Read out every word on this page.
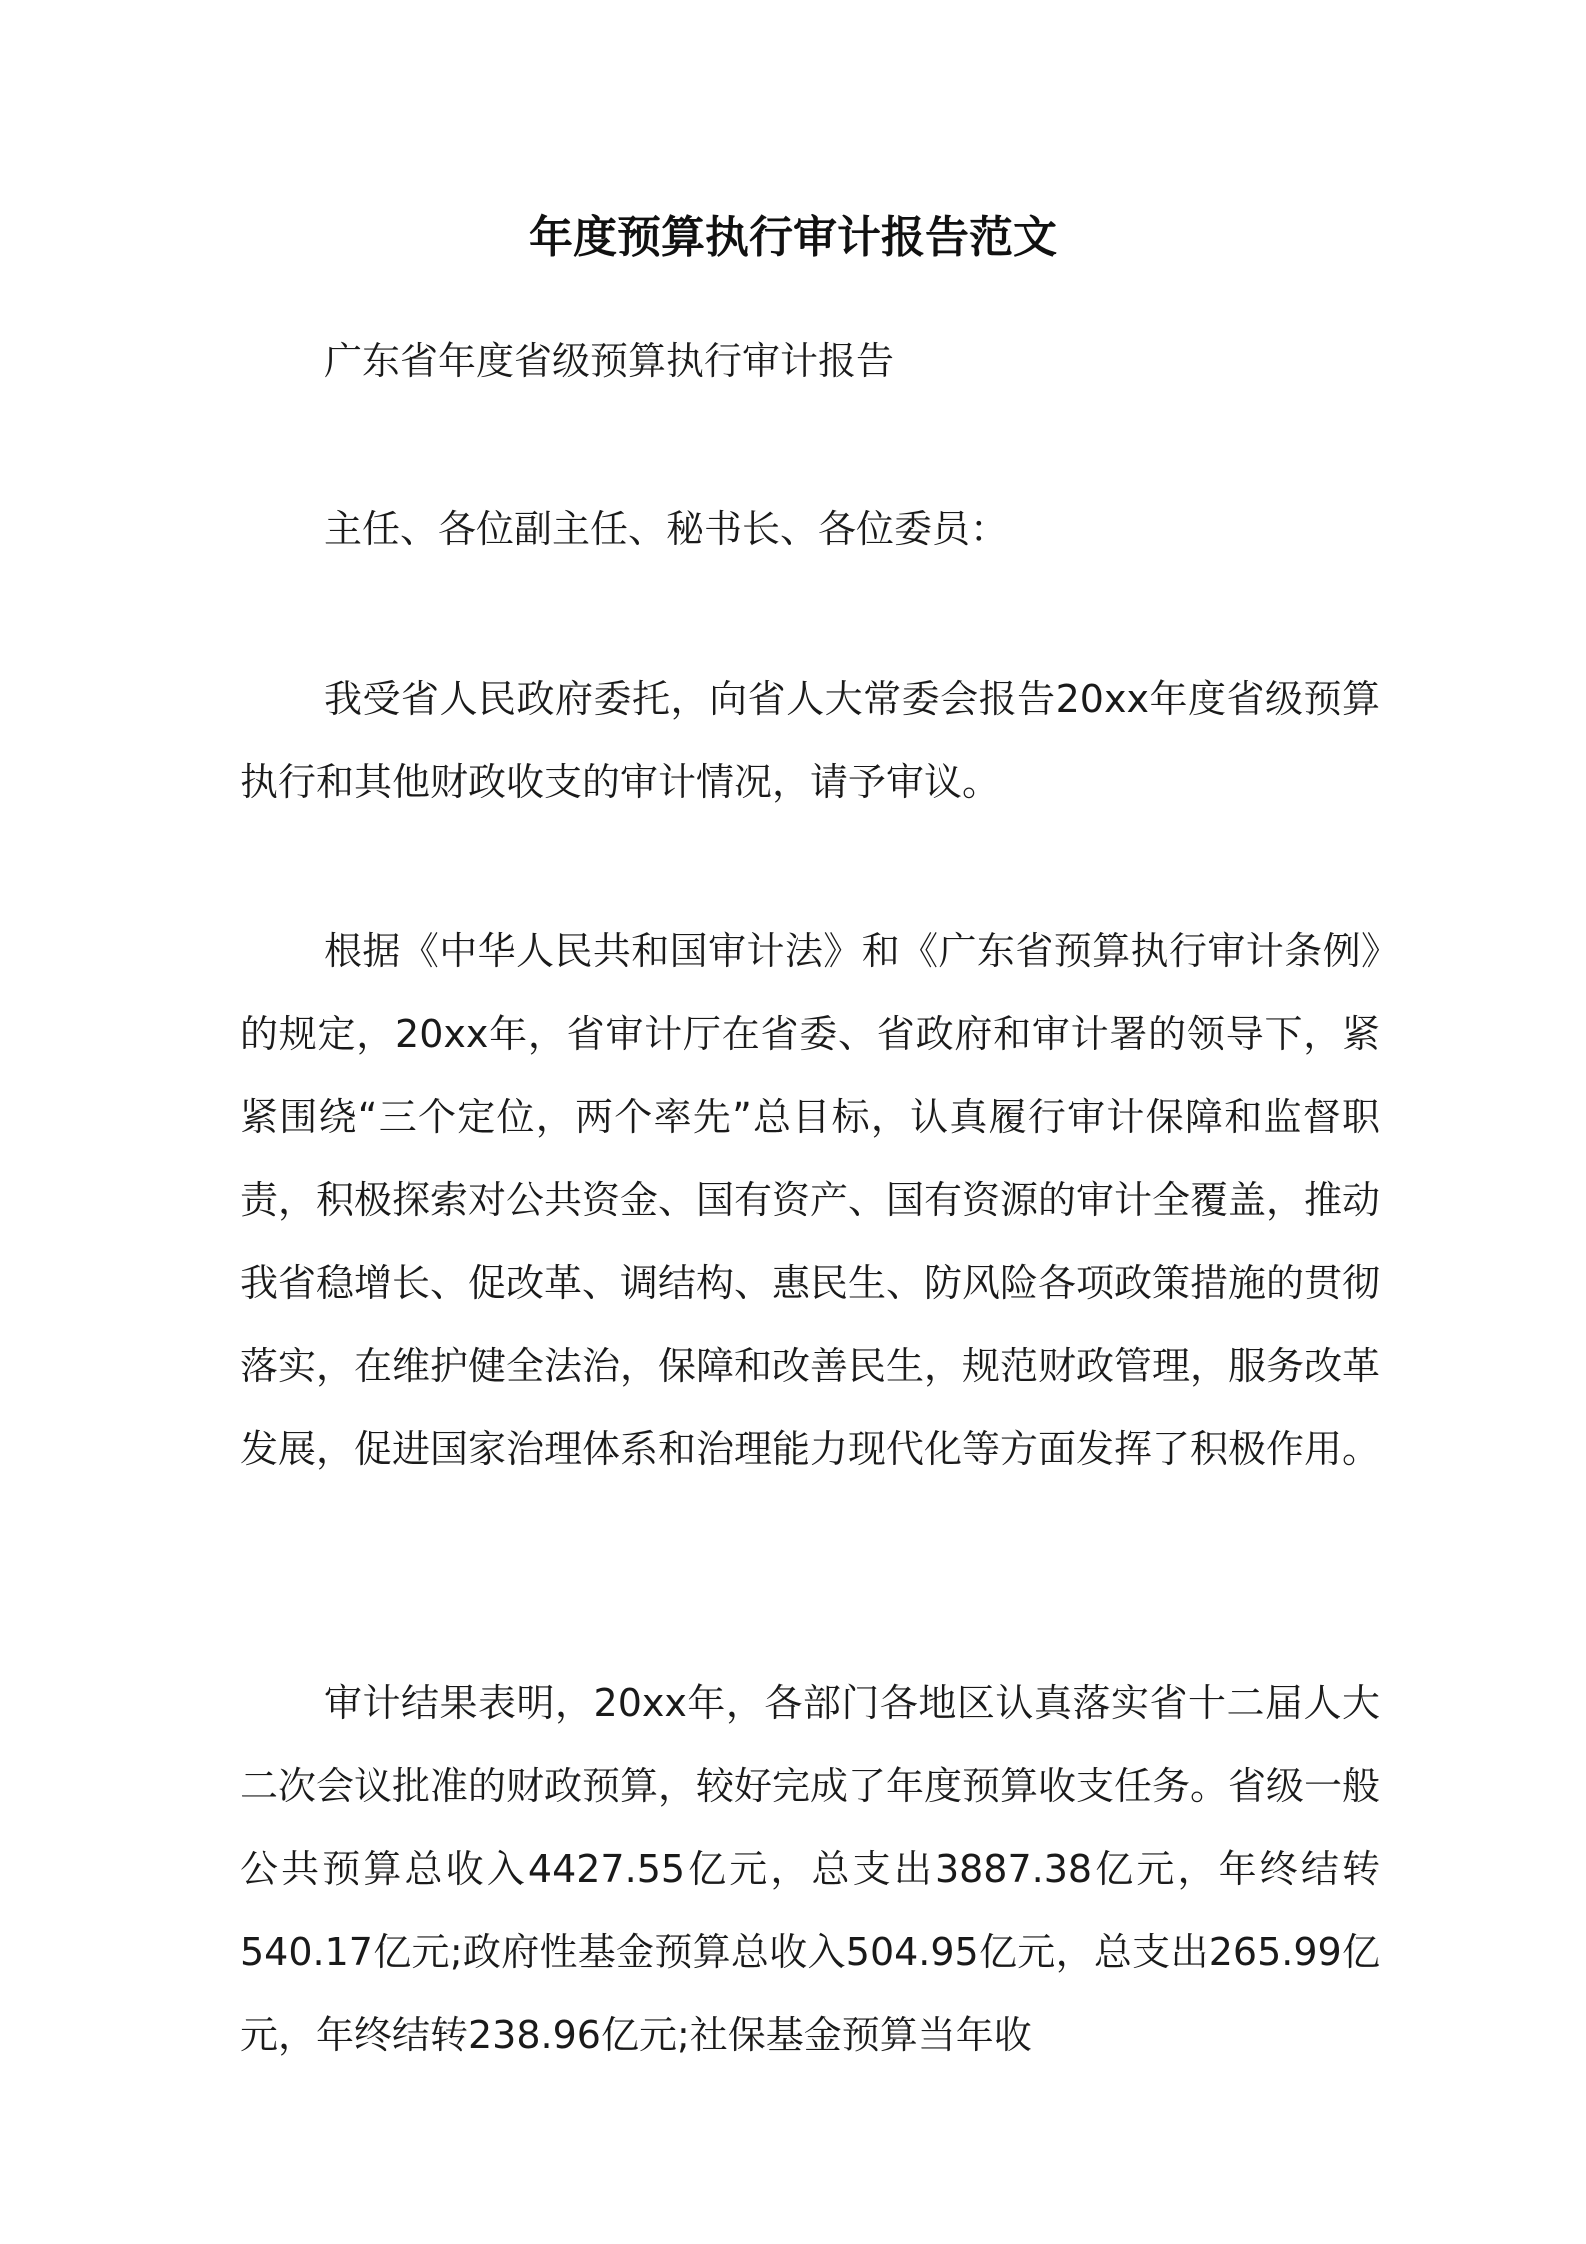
年度预算执行审计报告范文

广东省年度省级预算执行审计报告

主任、各位副主任、秘书长、各位委员：

我受省人民政府委托，向省人大常委会报告20xx年度省级预算执行和其他财政收支的审计情况，请予审议。

根据《中华人民共和国审计法》和《广东省预算执行审计条例》的规定，20xx年，省审计厅在省委、省政府和审计署的领导下，紧紧围绕“三个定位，两个率先”总目标，认真履行审计保障和监督职责，积极探索对公共资金、国有资产、国有资源的审计全覆盖，推动我省稳增长、促改革、调结构、惠民生、防风险各项政策措施的贯彻落实，在维护健全法治，保障和改善民生，规范财政管理，服务改革发展，促进国家治理体系和治理能力现代化等方面发挥了积极作用。

审计结果表明，20xx年，各部门各地区认真落实省十二届人大二次会议批准的财政预算，较好完成了年度预算收支任务。省级一般公共预算总收入4427.55亿元，总支出3887.38亿元，年终结转540.17亿元;政府性基金预算总收入504.95亿元，总支出265.99亿元，年终结转238.96亿元;社保基金预算当年收
